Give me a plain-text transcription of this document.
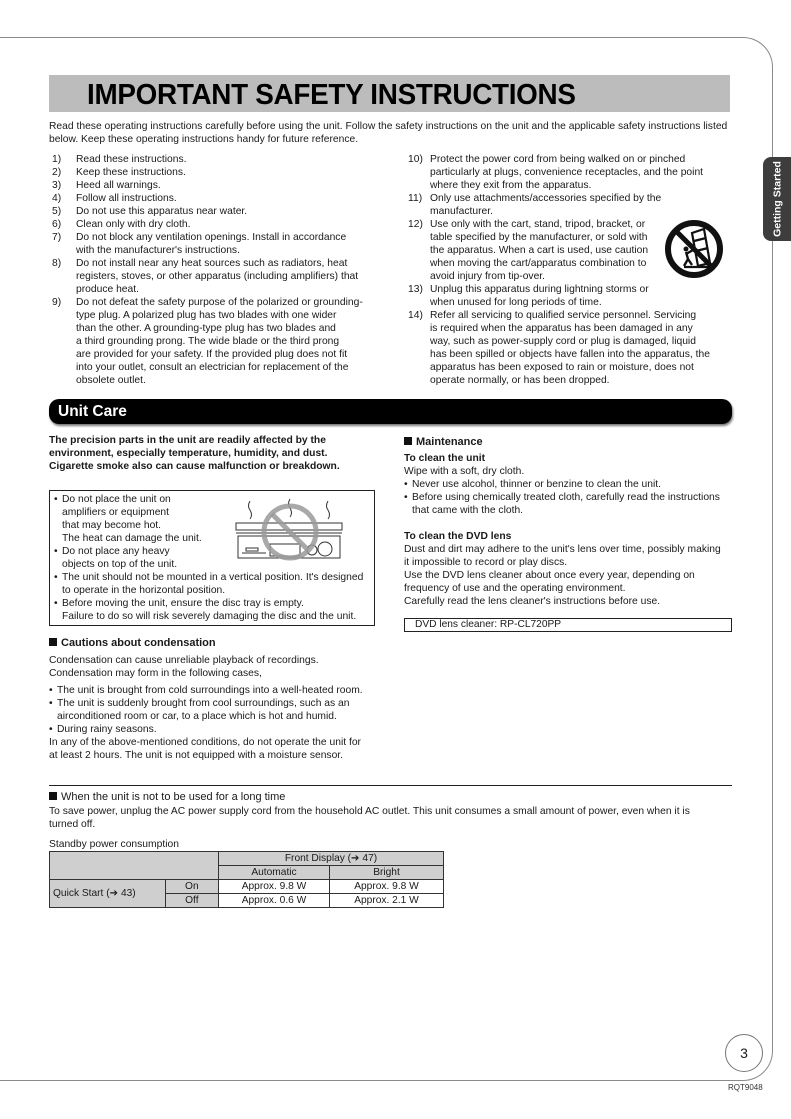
Getting Started
IMPORTANT SAFETY INSTRUCTIONS
Read these operating instructions carefully before using the unit. Follow the safety instructions on the unit and the applicable safety instructions listed below. Keep these operating instructions handy for future reference.
1) Read these instructions.
2) Keep these instructions.
3) Heed all warnings.
4) Follow all instructions.
5) Do not use this apparatus near water.
6) Clean only with dry cloth.
7) Do not block any ventilation openings. Install in accordance
with the manufacturer's instructions.
8) Do not install near any heat sources such as radiators, heat
registers, stoves, or other apparatus (including amplifiers) that
produce heat.
9) Do not defeat the safety purpose of the polarized or grounding-
type plug. A polarized plug has two blades with one wider
than the other. A grounding-type plug has two blades and
a third grounding prong. The wide blade or the third prong
are provided for your safety. If the provided plug does not fit
into your outlet, consult an electrician for replacement of the
obsolete outlet.
10) Protect the power cord from being walked on or pinched
particularly at plugs, convenience receptacles, and the point
where they exit from the apparatus.
11) Only use attachments/accessories specified by the
manufacturer.
12) Use only with the cart, stand, tripod, bracket, or
table specified by the manufacturer, or sold with
the apparatus. When a cart is used, use caution
when moving the cart/apparatus combination to
avoid injury from tip-over.
13) Unplug this apparatus during lightning storms or
when unused for long periods of time.
14) Refer all servicing to qualified service personnel. Servicing
is required when the apparatus has been damaged in any
way, such as power-supply cord or plug is damaged, liquid
has been spilled or objects have fallen into the apparatus, the
apparatus has been exposed to rain or moisture, does not
operate normally, or has been dropped.
Unit Care
The precision parts in the unit are readily affected by the
environment, especially temperature, humidity, and dust.
Cigarette smoke also can cause malfunction or breakdown.
• Do not place the unit on
amplifiers or equipment
that may become hot.
The heat can damage the unit.
• Do not place any heavy
objects on top of the unit.
• The unit should not be mounted in a vertical position. It's designed
to operate in the horizontal position.
• Before moving the unit, ensure the disc tray is empty.
Failure to do so will risk severely damaging the disc and the unit.
Cautions about condensation

Condensation can cause unreliable playback of recordings.
Condensation may form in the following cases,

• The unit is brought from cold surroundings into a well-heated room.

• The unit is suddenly brought from cool surroundings, such as an
airconditioned room or car, to a place which is hot and humid.

• During rainy seasons.

In any of the above-mentioned conditions, do not operate the unit for
at least 2 hours. The unit is not equipped with a moisture sensor.

Maintenance

To clean the unit

Wipe with a soft, dry cloth.

• Never use alcohol, thinner or benzine to clean the unit.

• Before using chemically treated cloth, carefully read the instructions
that came with the cloth.

To clean the DVD lens

Dust and dirt may adhere to the unit's lens over time, possibly making
it impossible to record or play discs.
Use the DVD lens cleaner about once every year, depending on
frequency of use and the operating environment.
Carefully read the lens cleaner's instructions before use.

DVD lens cleaner: RP-CL720PP
When the unit is not to be used for a long time
To save power, unplug the AC power supply cord from the household AC outlet. This unit consumes a small amount of power, even when it is
turned off.
Standby power consumption
		Front Display (➔ 47)	
		Automatic	Bright
Quick Start (➔ 43)	On	Approx. 9.8 W	Approx. 9.8 W
	Off	Approx. 0.6 W	Approx. 2.1 W
3
RQT9048
